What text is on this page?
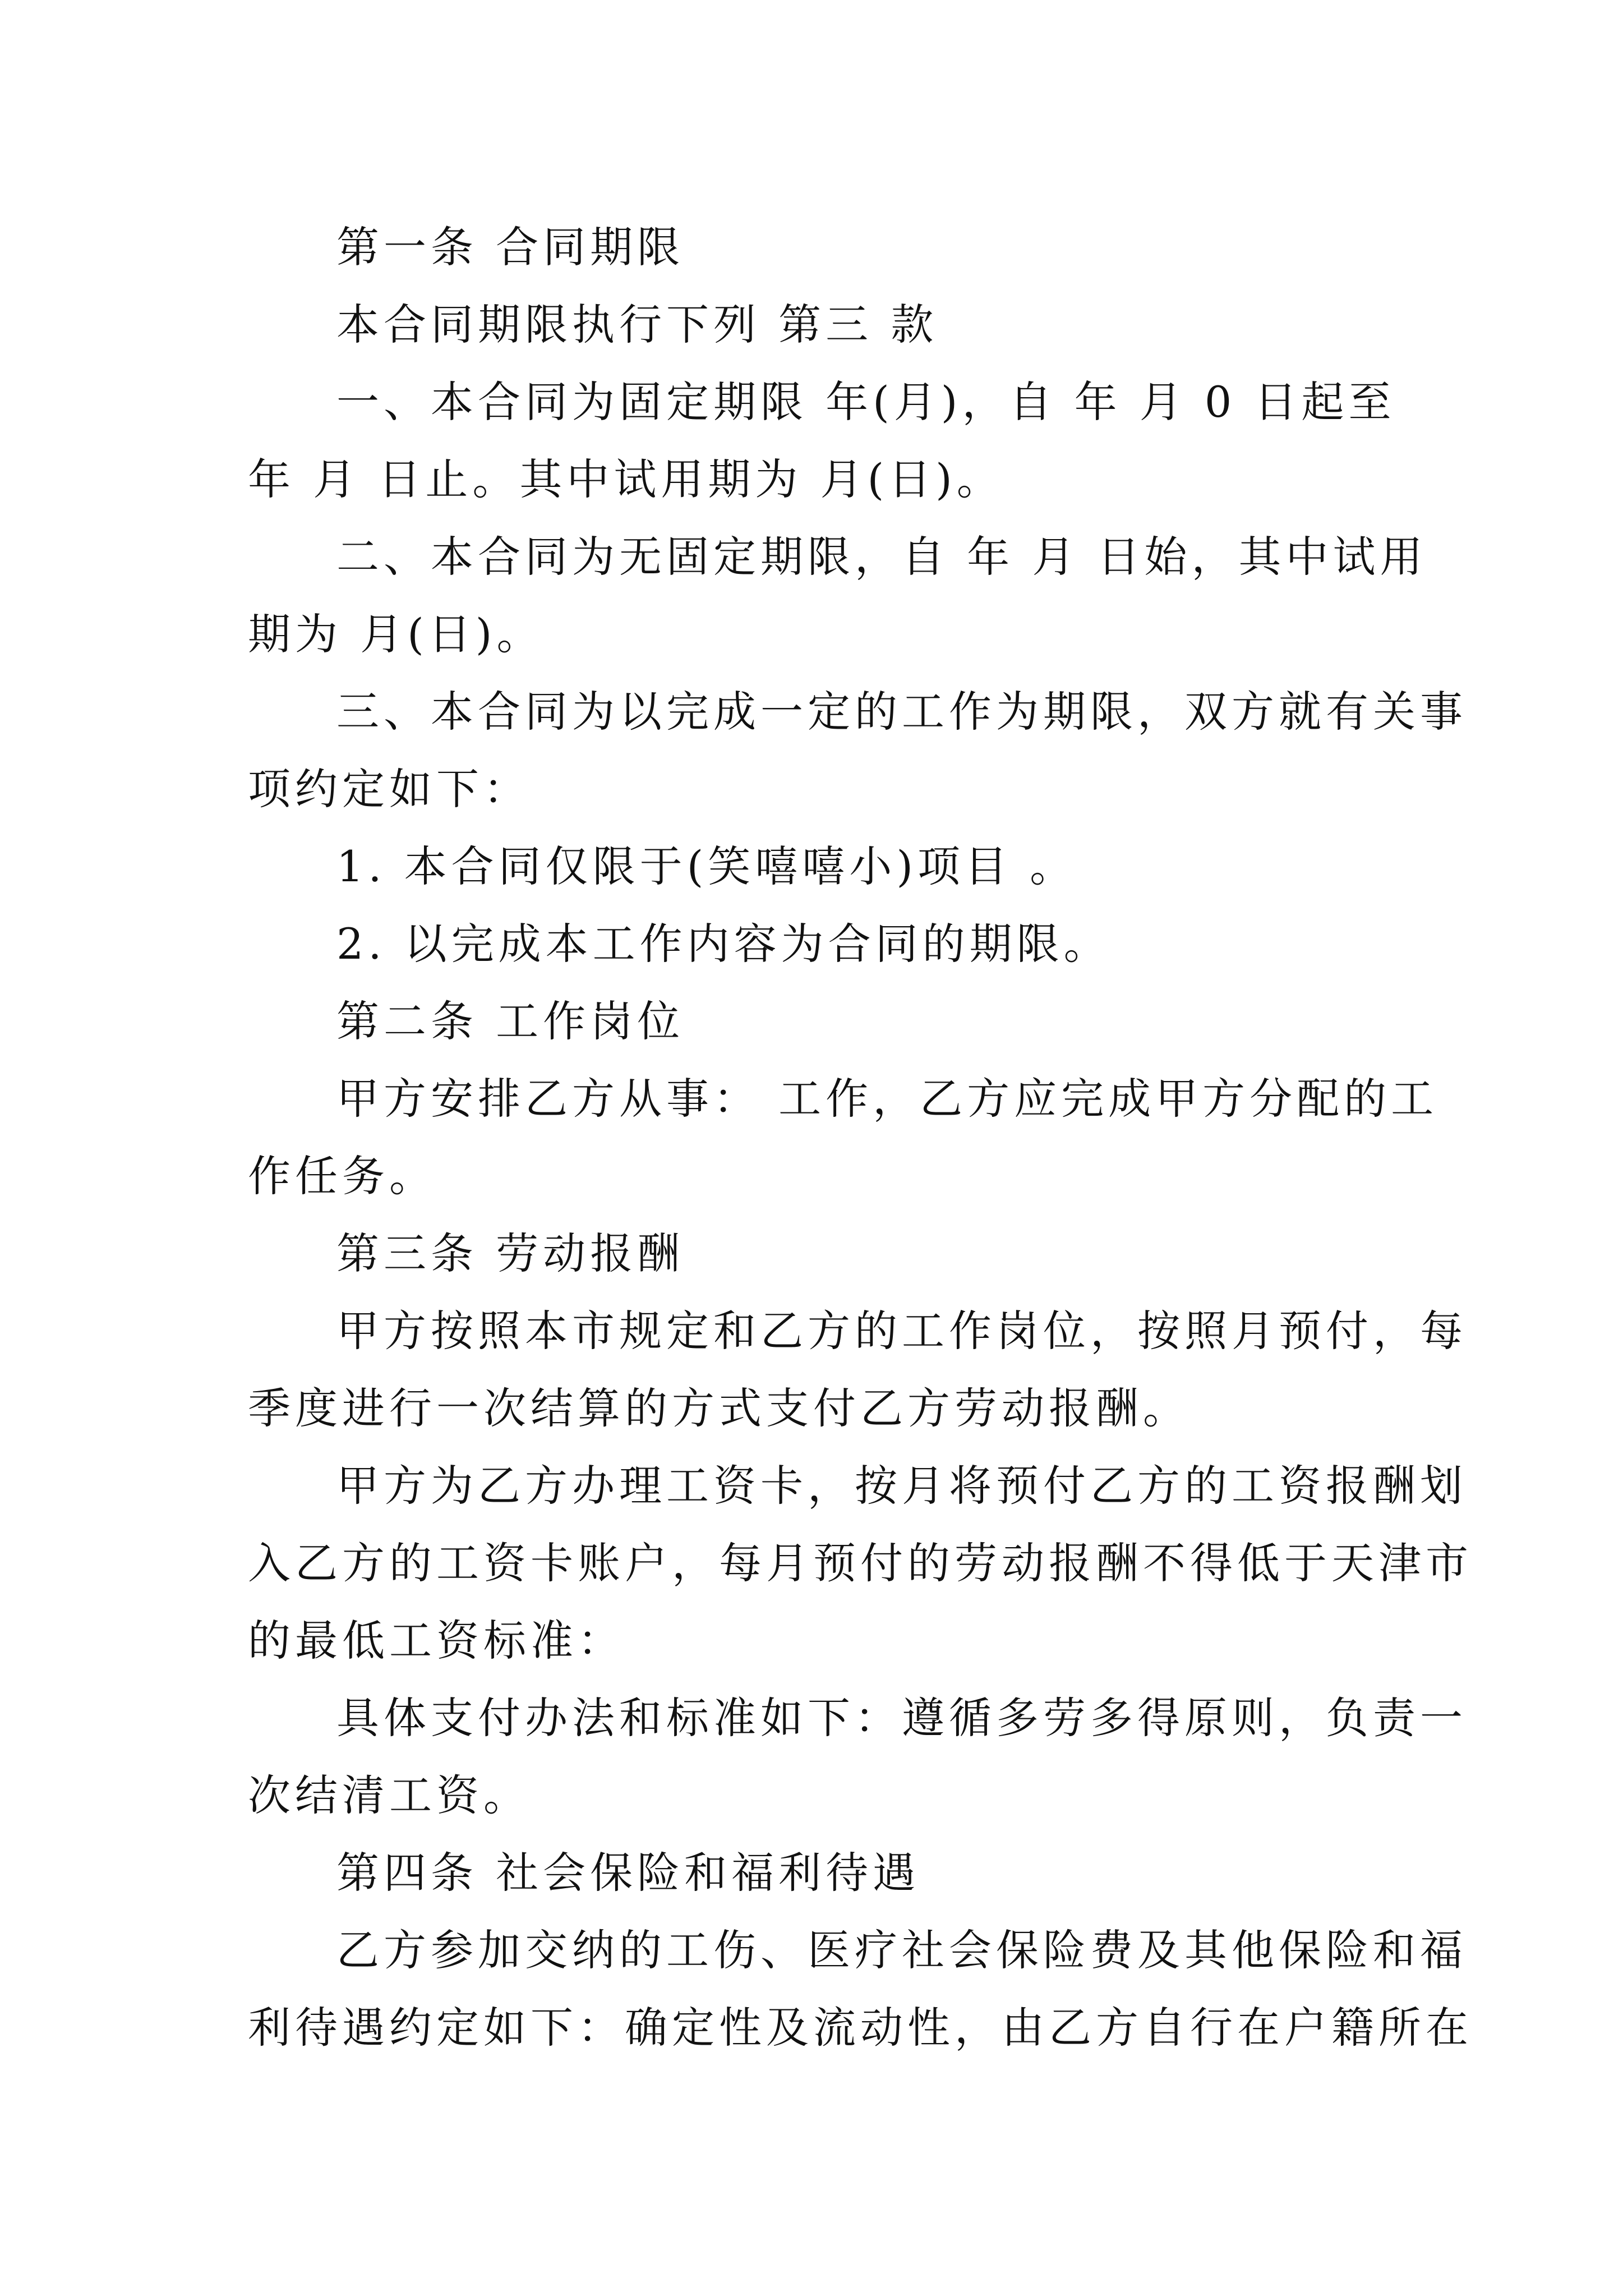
第一条 合同期限
本合同期限执行下列 第三 款
一、本合同为固定期限 年(月)，自 年 月 0 日起至
年 月 日止。其中试用期为 月(日)。
二、本合同为无固定期限，自 年 月 日始，其中试用
期为 月(日)。
三、本合同为以完成一定的工作为期限，双方就有关事
项约定如下：
1. 本合同仅限于(笑嘻嘻小)项目 。
2. 以完成本工作内容为合同的期限。
第二条 工作岗位
甲方安排乙方从事： 工作，乙方应完成甲方分配的工
作任务。
第三条 劳动报酬
甲方按照本市规定和乙方的工作岗位，按照月预付，每
季度进行一次结算的方式支付乙方劳动报酬。
甲方为乙方办理工资卡，按月将预付乙方的工资报酬划
入乙方的工资卡账户，每月预付的劳动报酬不得低于天津市
的最低工资标准：
具体支付办法和标准如下：遵循多劳多得原则，负责一
次结清工资。
第四条 社会保险和福利待遇
乙方参加交纳的工伤、医疗社会保险费及其他保险和福
利待遇约定如下：确定性及流动性，由乙方自行在户籍所在
